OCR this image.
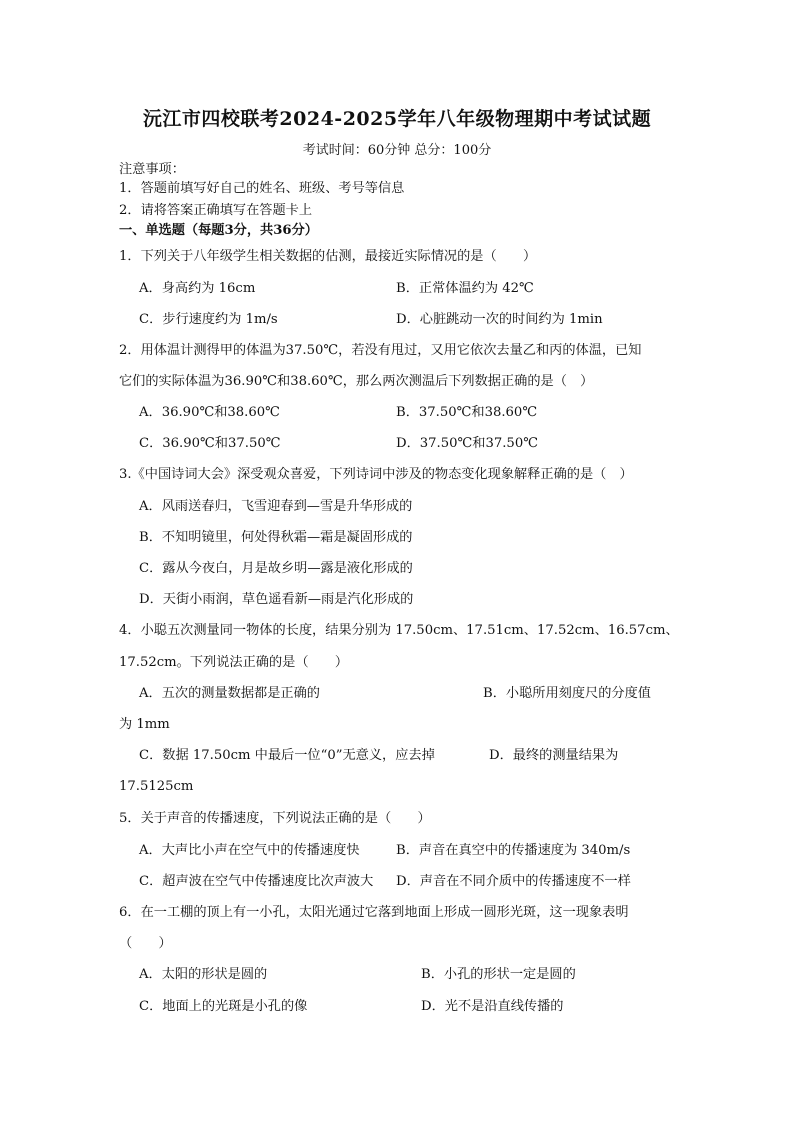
沅江市四校联考2024-2025学年八年级物理期中考试试题
考试时间：60分钟 总分：100分
注意事项：
1．答题前填写好自己的姓名、班级、考号等信息
2．请将答案正确填写在答题卡上
一、单选题（每题3分，共36分）
1．下列关于八年级学生相关数据的估测，最接近实际情况的是（　　）
A．身高约为 16cm	B．正常体温约为 42℃
C．步行速度约为 1m/s	D．心脏跳动一次的时间约为 1min
2．用体温计测得甲的体温为37.50℃，若没有甩过，又用它依次去量乙和丙的体温，已知
它们的实际体温为36.90℃和38.60℃，那么两次测温后下列数据正确的是（　）
A．36.90℃和38.60℃	B．37.50℃和38.60℃
C．36.90℃和37.50℃	D．37.50℃和37.50℃
3.《中国诗词大会》深受观众喜爱，下列诗词中涉及的物态变化现象解释正确的是（　）
A．风雨送春归，飞雪迎春到—雪是升华形成的
B．不知明镜里，何处得秋霜—霜是凝固形成的
C．露从今夜白，月是故乡明—露是液化形成的
D．天街小雨润，草色遥看新—雨是汽化形成的
4．小聪五次测量同一物体的长度，结果分别为 17.50cm、17.51cm、17.52cm、16.57cm、
17.52cm。下列说法正确的是（　　）
A．五次的测量数据都是正确的	B．小聪所用刻度尺的分度值
为 1mm
C．数据 17.50cm 中最后一位“0”无意义，应去掉	D．最终的测量结果为
17.5125cm
5．关于声音的传播速度，下列说法正确的是（　　）
A．大声比小声在空气中的传播速度快	B．声音在真空中的传播速度为 340m/s
C．超声波在空气中传播速度比次声波大 D．声音在不同介质中的传播速度不一样
6．在一工棚的顶上有一小孔，太阳光通过它落到地面上形成一圆形光斑，这一现象表明
（　　）
A．太阳的形状是圆的	B．小孔的形状一定是圆的
C．地面上的光斑是小孔的像	D．光不是沿直线传播的
